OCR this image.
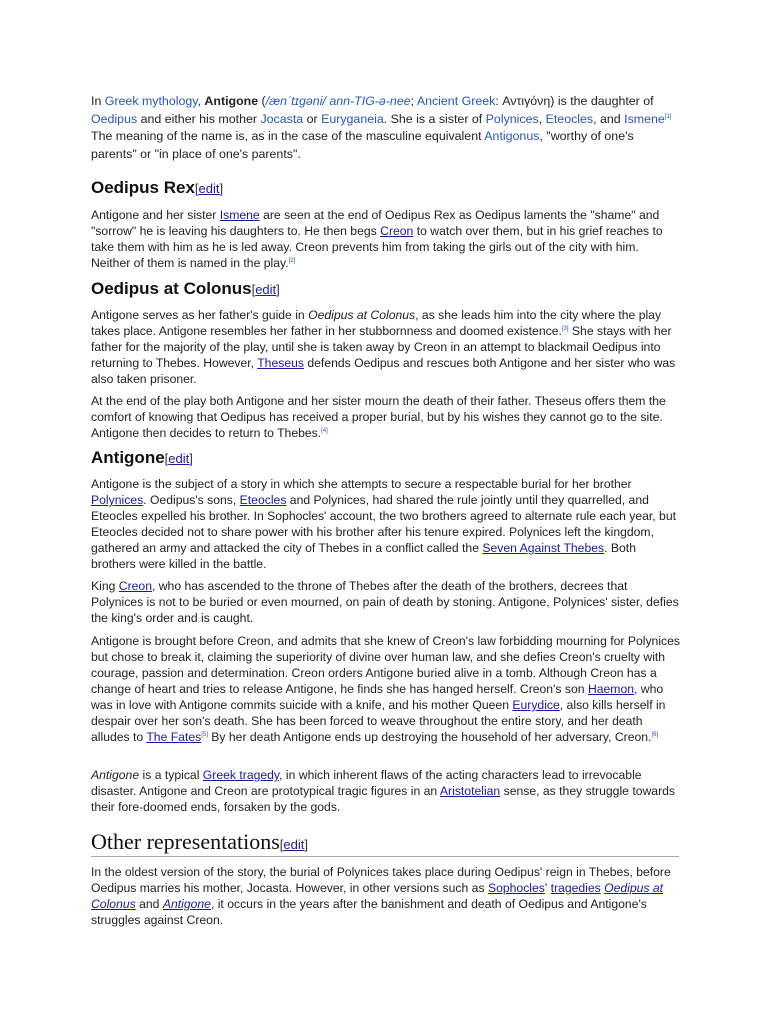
In Greek mythology, Antigone (/ænˈtɪɡəni/ ann-TIG-ə-nee; Ancient Greek: Αντιγόνη) is the daughter of Oedipus and either his mother Jocasta or Euryganeia. She is a sister of Polynices, Eteocles, and Ismene[1] The meaning of the name is, as in the case of the masculine equivalent Antigonus, "worthy of one's parents" or "in place of one's parents".

Oedipus Rex[edit]

Antigone and her sister Ismene are seen at the end of Oedipus Rex as Oedipus laments the "shame" and "sorrow" he is leaving his daughters to. He then begs Creon to watch over them, but in his grief reaches to take them with him as he is led away. Creon prevents him from taking the girls out of the city with him. Neither of them is named in the play.[2]

Oedipus at Colonus[edit]

Antigone serves as her father's guide in Oedipus at Colonus, as she leads him into the city where the play takes place. Antigone resembles her father in her stubbornness and doomed existence.[3] She stays with her father for the majority of the play, until she is taken away by Creon in an attempt to blackmail Oedipus into returning to Thebes. However, Theseus defends Oedipus and rescues both Antigone and her sister who was also taken prisoner.

At the end of the play both Antigone and her sister mourn the death of their father. Theseus offers them the comfort of knowing that Oedipus has received a proper burial, but by his wishes they cannot go to the site. Antigone then decides to return to Thebes.[4]

Antigone[edit]

Antigone is the subject of a story in which she attempts to secure a respectable burial for her brother Polynices. Oedipus's sons, Eteocles and Polynices, had shared the rule jointly until they quarrelled, and Eteocles expelled his brother. In Sophocles' account, the two brothers agreed to alternate rule each year, but Eteocles decided not to share power with his brother after his tenure expired. Polynices left the kingdom, gathered an army and attacked the city of Thebes in a conflict called the Seven Against Thebes. Both brothers were killed in the battle.

King Creon, who has ascended to the throne of Thebes after the death of the brothers, decrees that Polynices is not to be buried or even mourned, on pain of death by stoning. Antigone, Polynices' sister, defies the king's order and is caught.

Antigone is brought before Creon, and admits that she knew of Creon's law forbidding mourning for Polynices but chose to break it, claiming the superiority of divine over human law, and she defies Creon's cruelty with courage, passion and determination. Creon orders Antigone buried alive in a tomb. Although Creon has a change of heart and tries to release Antigone, he finds she has hanged herself. Creon's son Haemon, who was in love with Antigone commits suicide with a knife, and his mother Queen Eurydice, also kills herself in despair over her son's death. She has been forced to weave throughout the entire story, and her death alludes to The Fates[5] By her death Antigone ends up destroying the household of her adversary, Creon.[6]

Antigone is a typical Greek tragedy, in which inherent flaws of the acting characters lead to irrevocable disaster. Antigone and Creon are prototypical tragic figures in an Aristotelian sense, as they struggle towards their fore-doomed ends, forsaken by the gods.

Other representations[edit]

In the oldest version of the story, the burial of Polynices takes place during Oedipus' reign in Thebes, before Oedipus marries his mother, Jocasta. However, in other versions such as Sophocles' tragedies Oedipus at Colonus and Antigone, it occurs in the years after the banishment and death of Oedipus and Antigone's struggles against Creon.
